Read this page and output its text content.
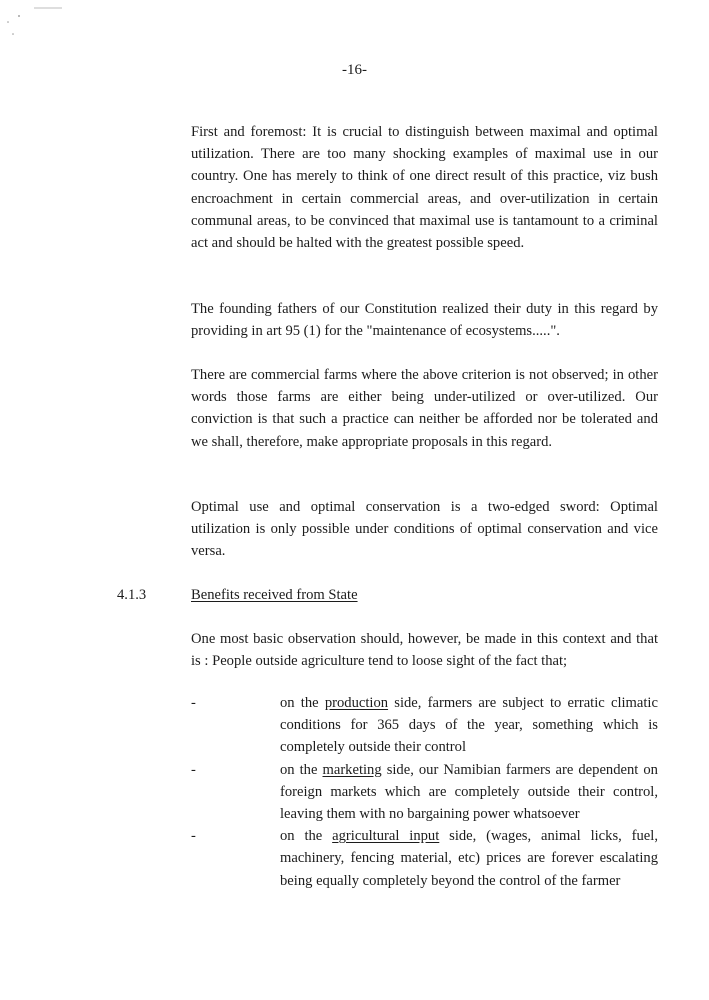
-16-

First and foremost: It is crucial to distinguish between maximal and optimal utilization. There are too many shocking examples of maximal use in our country. One has merely to think of one direct result of this practice, viz bush encroachment in certain commercial areas, and over-utilization in certain communal areas, to be convinced that maximal use is tantamount to a criminal act and should be halted with the greatest possible speed.

The founding fathers of our Constitution realized their duty in this regard by providing in art 95 (1) for the "maintenance of ecosystems.....".

There are commercial farms where the above criterion is not observed; in other words those farms are either being under-utilized or over-utilized. Our conviction is that such a practice can neither be afforded nor be tolerated and we shall, therefore, make appropriate proposals in this regard.

Optimal use and optimal conservation is a two-edged sword: Optimal utilization is only possible under conditions of optimal conservation and vice versa.

4.1.3	Benefits received from State

One most basic observation should, however, be made in this context and that is : People outside agriculture tend to loose sight of the fact that;

-	on the production side, farmers are subject to erratic climatic conditions for 365 days of the year, something which is completely outside their control
-	on the marketing side, our Namibian farmers are dependent on foreign markets which are completely outside their control, leaving them with no bargaining power whatsoever
-	on the agricultural input side, (wages, animal licks, fuel, machinery, fencing material, etc) prices are forever escalating being equally completely beyond the control of the farmer
